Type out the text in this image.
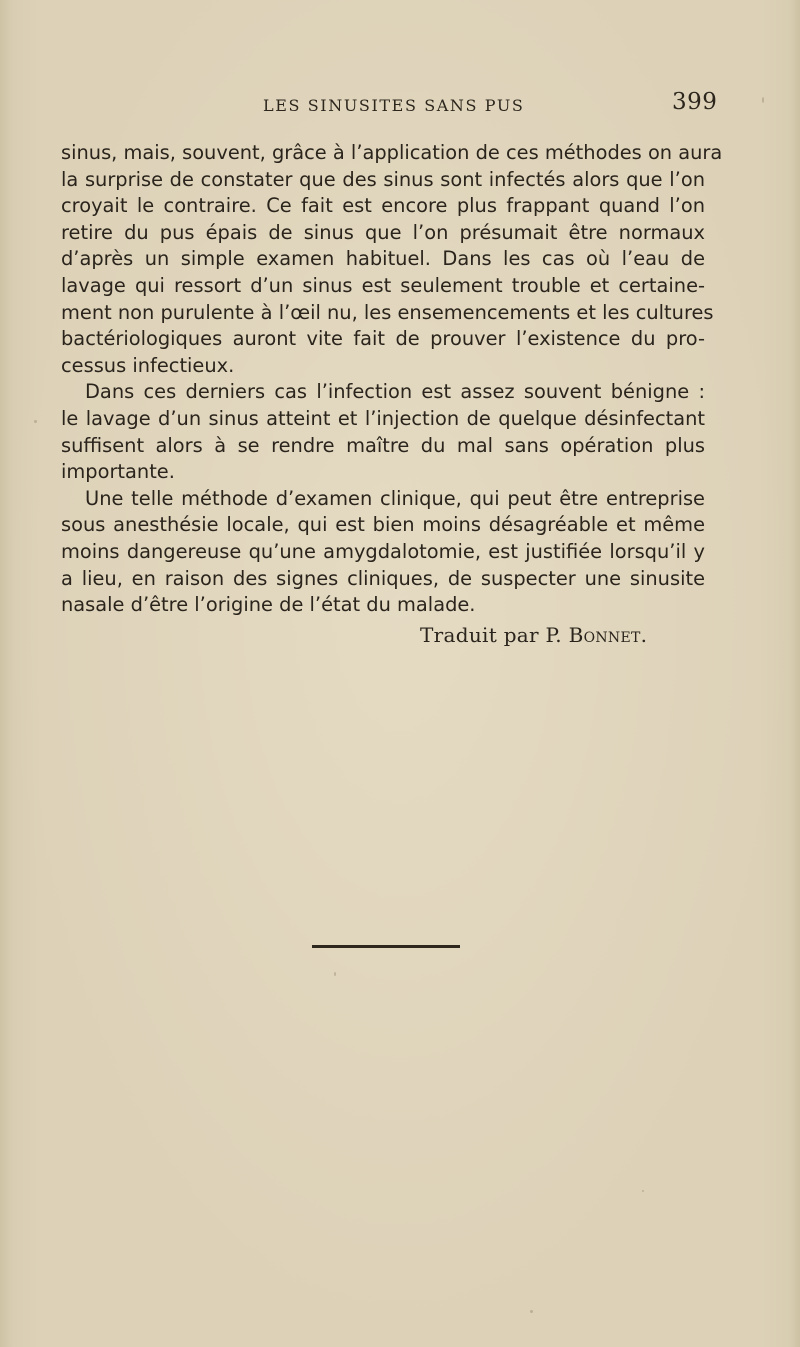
LES SINUSITES SANS PUS	399
sinus, mais, souvent, grâce à l’application de ces méthodes on aura
la surprise de constater que des sinus sont infectés alors que l’on
croyait le contraire. Ce fait est encore plus frappant quand l’on
retire du pus épais de sinus que l’on présumait être normaux
d’après un simple examen habituel. Dans les cas où l’eau de
lavage qui ressort d’un sinus est seulement trouble et certaine-
ment non purulente à l’œil nu, les ensemencements et les cultures
bactériologiques auront vite fait de prouver l’existence du pro-
cessus infectieux.
Dans ces derniers cas l’infection est assez souvent bénigne :
le lavage d’un sinus atteint et l’injection de quelque désinfectant
suffisent alors à se rendre maître du mal sans opération plus
importante.
Une telle méthode d’examen clinique, qui peut être entreprise
sous anesthésie locale, qui est bien moins désagréable et même
moins dangereuse qu’une amygdalotomie, est justifiée lorsqu’il y
a lieu, en raison des signes cliniques, de suspecter une sinusite
nasale d’être l’origine de l’état du malade.
Traduit par P. Bonnet.
